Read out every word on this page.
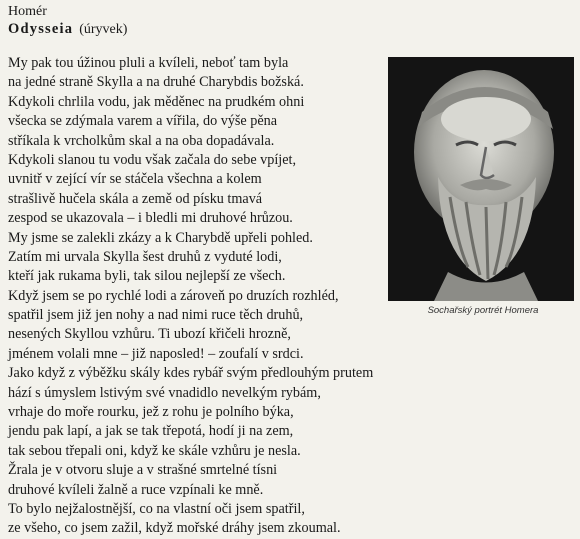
Homér
Odysseia (úryvek)
My pak tou úžinou pluli a kvíleli, neboť tam byla
na jedné straně Skylla a na druhé Charybdis božská.
Kdykoli chrlila vodu, jak měděnec na prudkém ohni
všecka se zdýmala varem a vířila, do výše pěna
stříkala k vrcholkům skal a na oba dopadávala.
Kdykoli slanou tu vodu však začala do sebe vpíjet,
uvnitř v zející vír se stáčela všechna a kolem
strašlivě hučela skála a země od písku tmavá
zespod se ukazovala – i bledli mi druhové hrůzou.
My jsme se zalekli zkázy a k Charybdě upřeli pohled.
Zatím mi urvala Skylla šest druhů z vyduté lodi,
kteří jak rukama byli, tak silou nejlepší ze všech.
Když jsem se po rychlé lodi a zároveň po druzích rozhléd,
spatřil jsem již jen nohy a nad nimi ruce těch druhů,
nesených Skyllou vzhůru. Ti ubozí křičeli hrozně,
jménem volali mne – již naposled! – zoufalí v srdci.
Jako když z výběžku skály kdes rybář svým předlouhým prutem
hází s úmyslem lstivým své vnadidlo nevelkým rybám,
vrhaje do moře rourku, jež z rohu je polního býka,
jendu pak lapí, a jak se tak třepotá, hodí ji na zem,
tak sebou třepali oni, když ke skále vzhůru je nesla.
Žrala je v otvoru sluje a v strašné smrtelné tísni
druhové kvíleli žalně a ruce vzpínali ke mně.
To bylo nejžalostnější, co na vlastní oči jsem spatřil,
ze všeho, co jsem zažil, když mořské dráhy jsem zkoumal.
Sochařský portrét Homera
